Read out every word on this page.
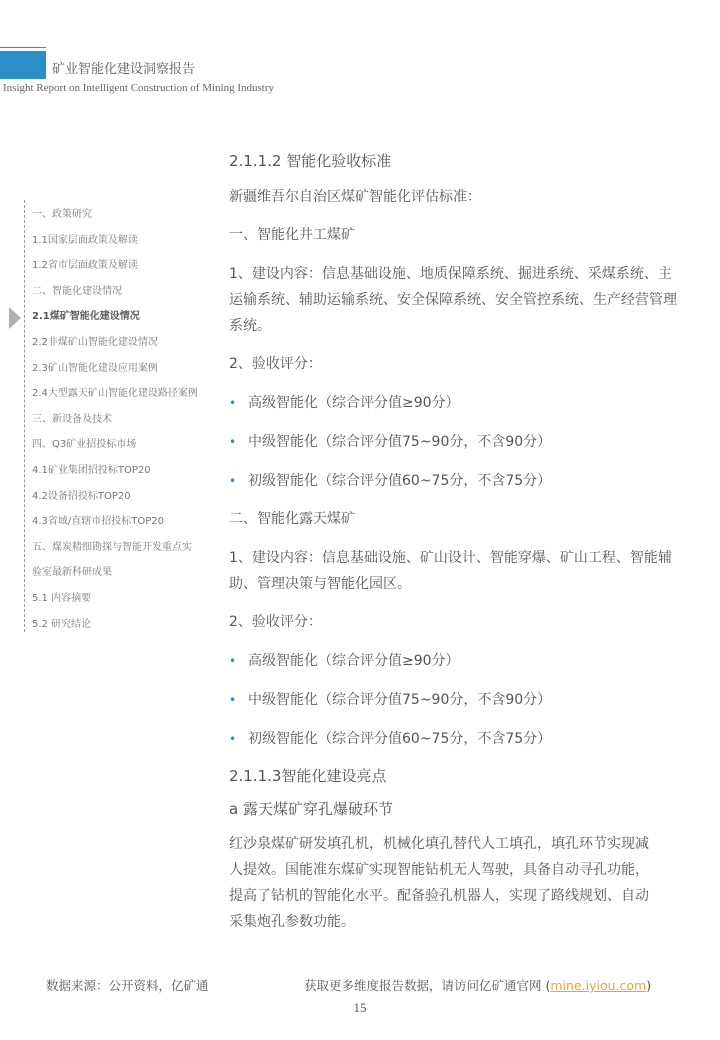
矿业智能化建设洞察报告
Insight Report on Intelligent Construction of Mining Industry
一、政策研究
1.1国家层面政策及解读
1.2省市层面政策及解读
二、智能化建设情况
2.1煤矿智能化建设情况
2.2非煤矿山智能化建设情况
2.3矿山智能化建设应用案例
2.4大型露天矿山智能化建设路径案例
三、新设备及技术
四、Q3矿业招投标市场
4.1矿业集团招投标TOP20
4.2设备招投标TOP20
4.3省域/直辖市招投标TOP20
五、煤炭精细勘探与智能开发重点实
验室最新科研成果
5.1 内容摘要
5.2 研究结论
2.1.1.2 智能化验收标准
新疆维吾尔自治区煤矿智能化评估标准：
一、智能化井工煤矿
1、建设内容：信息基础设施、地质保障系统、掘进系统、采煤系统、主运输系统、辅助运输系统、安全保障系统、安全管控系统、生产经营管理系统。
2、验收评分：
• 高级智能化（综合评分值≥90分）
• 中级智能化（综合评分值75~90分，不含90分）
• 初级智能化（综合评分值60~75分，不含75分）
二、智能化露天煤矿
1、建设内容：信息基础设施、矿山设计、智能穿爆、矿山工程、智能辅助、管理决策与智能化园区。
2、验收评分：
• 高级智能化（综合评分值≥90分）
• 中级智能化（综合评分值75~90分，不含90分）
• 初级智能化（综合评分值60~75分，不含75分）
2.1.1.3智能化建设亮点
a 露天煤矿穿孔爆破环节
红沙泉煤矿研发填孔机，机械化填孔替代人工填孔，填孔环节实现减
人提效。国能准东煤矿实现智能钻机无人驾驶，具备自动寻孔功能，
提高了钻机的智能化水平。配备验孔机器人，实现了路线规划、自动
采集炮孔参数功能。
数据来源：公开资料，亿矿通	获取更多维度报告数据，请访问亿矿通官网 (mine.iyiou.com)
15
